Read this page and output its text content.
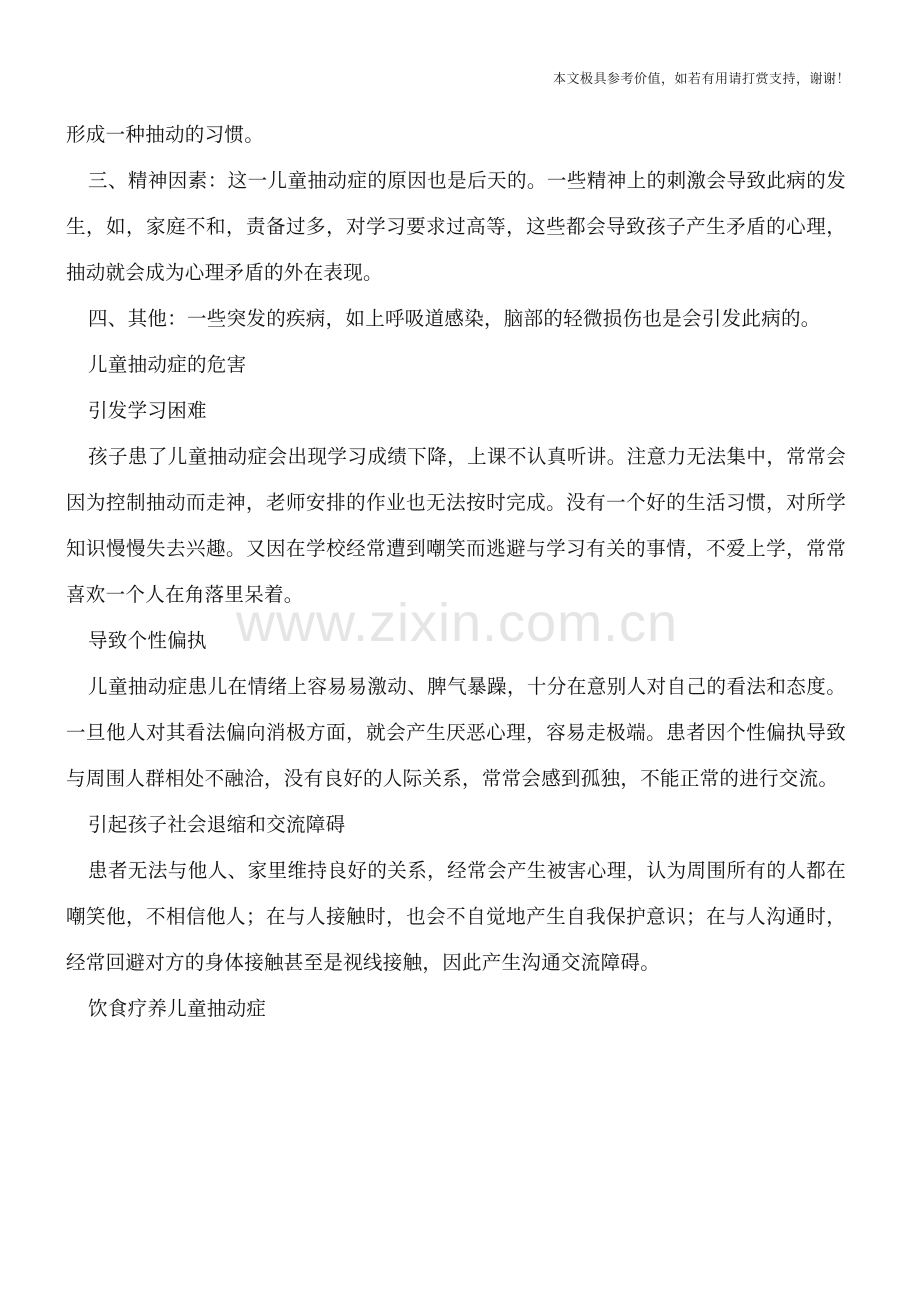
本文极具参考价值，如若有用请打赏支持，谢谢！
www.zixin.com.cn

形成一种抽动的习惯。

三、精神因素：这一儿童抽动症的原因也是后天的。一些精神上的刺激会导致此病的发生，如，家庭不和，责备过多，对学习要求过高等，这些都会导致孩子产生矛盾的心理，抽动就会成为心理矛盾的外在表现。

四、其他：一些突发的疾病，如上呼吸道感染，脑部的轻微损伤也是会引发此病的。

儿童抽动症的危害

引发学习困难

孩子患了儿童抽动症会出现学习成绩下降，上课不认真听讲。注意力无法集中，常常会因为控制抽动而走神，老师安排的作业也无法按时完成。没有一个好的生活习惯，对所学知识慢慢失去兴趣。又因在学校经常遭到嘲笑而逃避与学习有关的事情，不爱上学，常常喜欢一个人在角落里呆着。

导致个性偏执

儿童抽动症患儿在情绪上容易易激动、脾气暴躁，十分在意别人对自己的看法和态度。一旦他人对其看法偏向消极方面，就会产生厌恶心理，容易走极端。患者因个性偏执导致与周围人群相处不融洽，没有良好的人际关系，常常会感到孤独，不能正常的进行交流。

引起孩子社会退缩和交流障碍

患者无法与他人、家里维持良好的关系，经常会产生被害心理，认为周围所有的人都在嘲笑他，不相信他人；在与人接触时，也会不自觉地产生自我保护意识；在与人沟通时，经常回避对方的身体接触甚至是视线接触，因此产生沟通交流障碍。

饮食疗养儿童抽动症
